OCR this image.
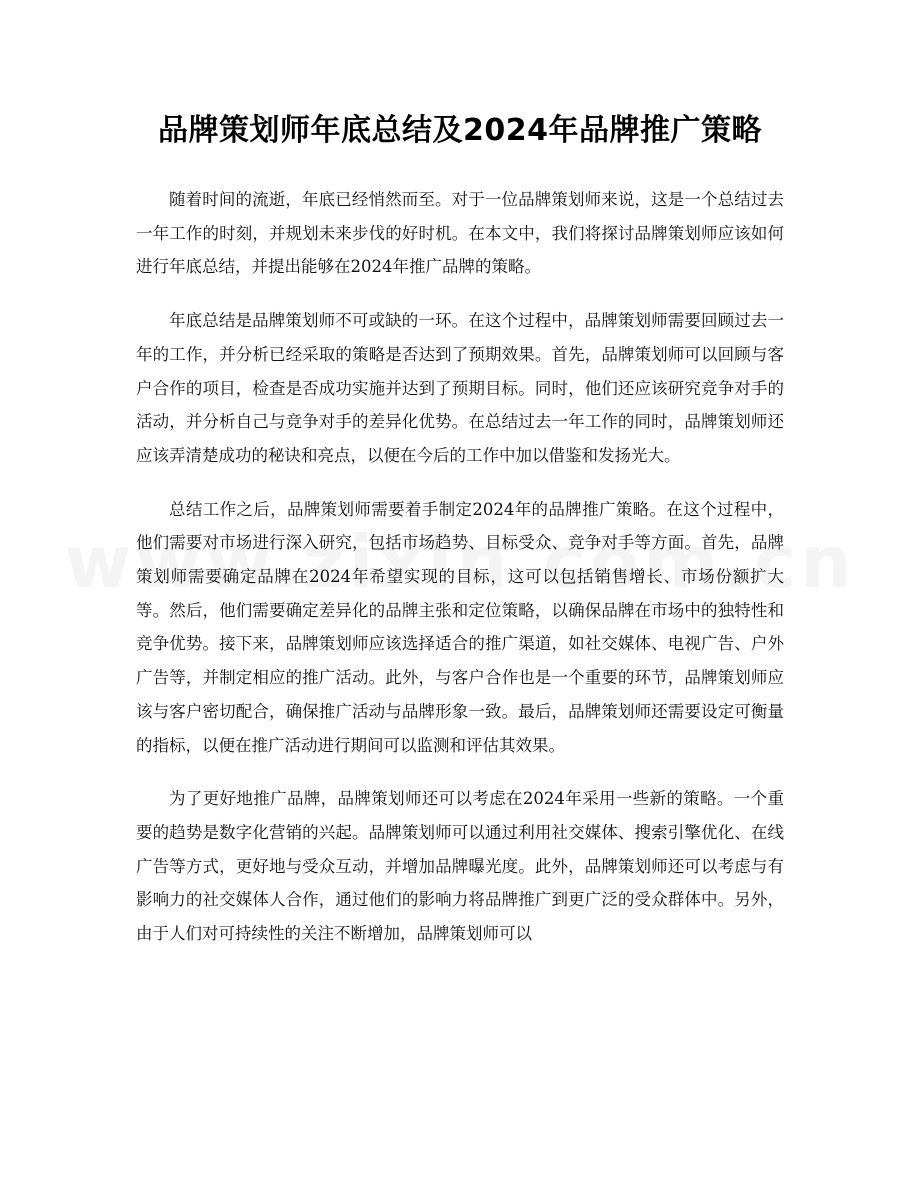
品牌策划师年底总结及2024年品牌推广策略

随着时间的流逝，年底已经悄然而至。对于一位品牌策划师来说，这是一个总结过去一年工作的时刻，并规划未来步伐的好时机。在本文中，我们将探讨品牌策划师应该如何进行年底总结，并提出能够在2024年推广品牌的策略。

年底总结是品牌策划师不可或缺的一环。在这个过程中，品牌策划师需要回顾过去一年的工作，并分析已经采取的策略是否达到了预期效果。首先，品牌策划师可以回顾与客户合作的项目，检查是否成功实施并达到了预期目标。同时，他们还应该研究竞争对手的活动，并分析自己与竞争对手的差异化优势。在总结过去一年工作的同时，品牌策划师还应该弄清楚成功的秘诀和亮点，以便在今后的工作中加以借鉴和发扬光大。

总结工作之后，品牌策划师需要着手制定2024年的品牌推广策略。在这个过程中，他们需要对市场进行深入研究，包括市场趋势、目标受众、竞争对手等方面。首先，品牌策划师需要确定品牌在2024年希望实现的目标，这可以包括销售增长、市场份额扩大等。然后，他们需要确定差异化的品牌主张和定位策略，以确保品牌在市场中的独特性和竞争优势。接下来，品牌策划师应该选择适合的推广渠道，如社交媒体、电视广告、户外广告等，并制定相应的推广活动。此外，与客户合作也是一个重要的环节，品牌策划师应该与客户密切配合，确保推广活动与品牌形象一致。最后，品牌策划师还需要设定可衡量的指标，以便在推广活动进行期间可以监测和评估其效果。

为了更好地推广品牌，品牌策划师还可以考虑在2024年采用一些新的策略。一个重要的趋势是数字化营销的兴起。品牌策划师可以通过利用社交媒体、搜索引擎优化、在线广告等方式，更好地与受众互动，并增加品牌曝光度。此外，品牌策划师还可以考虑与有影响力的社交媒体人合作，通过他们的影响力将品牌推广到更广泛的受众群体中。另外，由于人们对可持续性的关注不断增加，品牌策划师可以
